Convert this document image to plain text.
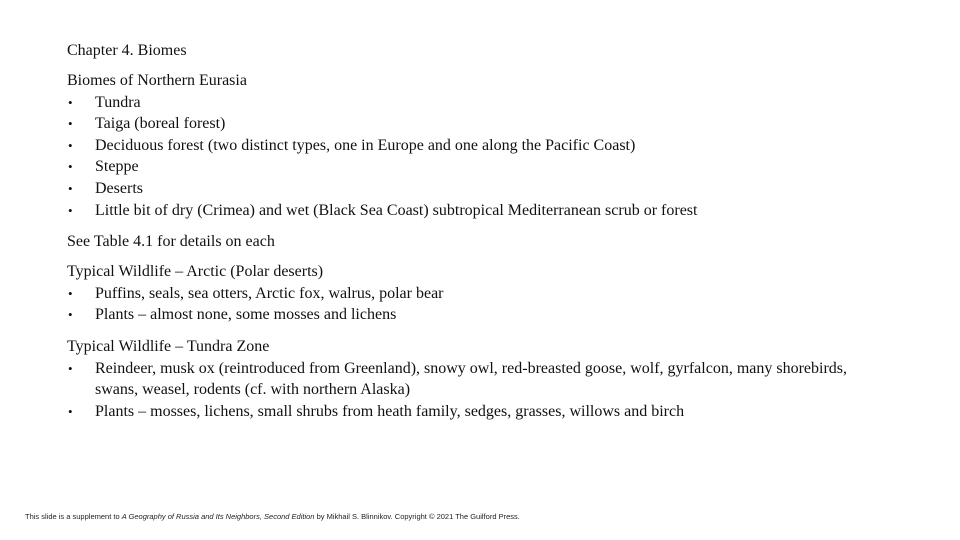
Chapter 4. Biomes
Biomes of Northern Eurasia
•	Tundra
•	Taiga (boreal forest)
•	Deciduous forest (two distinct types, one in Europe and one along the Pacific Coast)
•	Steppe
•	Deserts
•	Little bit of dry (Crimea) and wet (Black Sea Coast) subtropical Mediterranean scrub or forest
See Table 4.1 for details on each
Typical Wildlife – Arctic (Polar deserts)
•	Puffins, seals, sea otters, Arctic fox, walrus, polar bear
•	Plants – almost none, some mosses and lichens
Typical Wildlife – Tundra Zone
•	Reindeer, musk ox (reintroduced from Greenland), snowy owl, red-breasted goose, wolf, gyrfalcon, many shorebirds, swans, weasel, rodents (cf. with northern Alaska)
•	Plants – mosses, lichens, small shrubs from heath family, sedges, grasses, willows and birch
This slide is a supplement to A Geography of Russia and Its Neighbors, Second Edition by Mikhail S. Blinnikov. Copyright © 2021 The Guilford Press.
